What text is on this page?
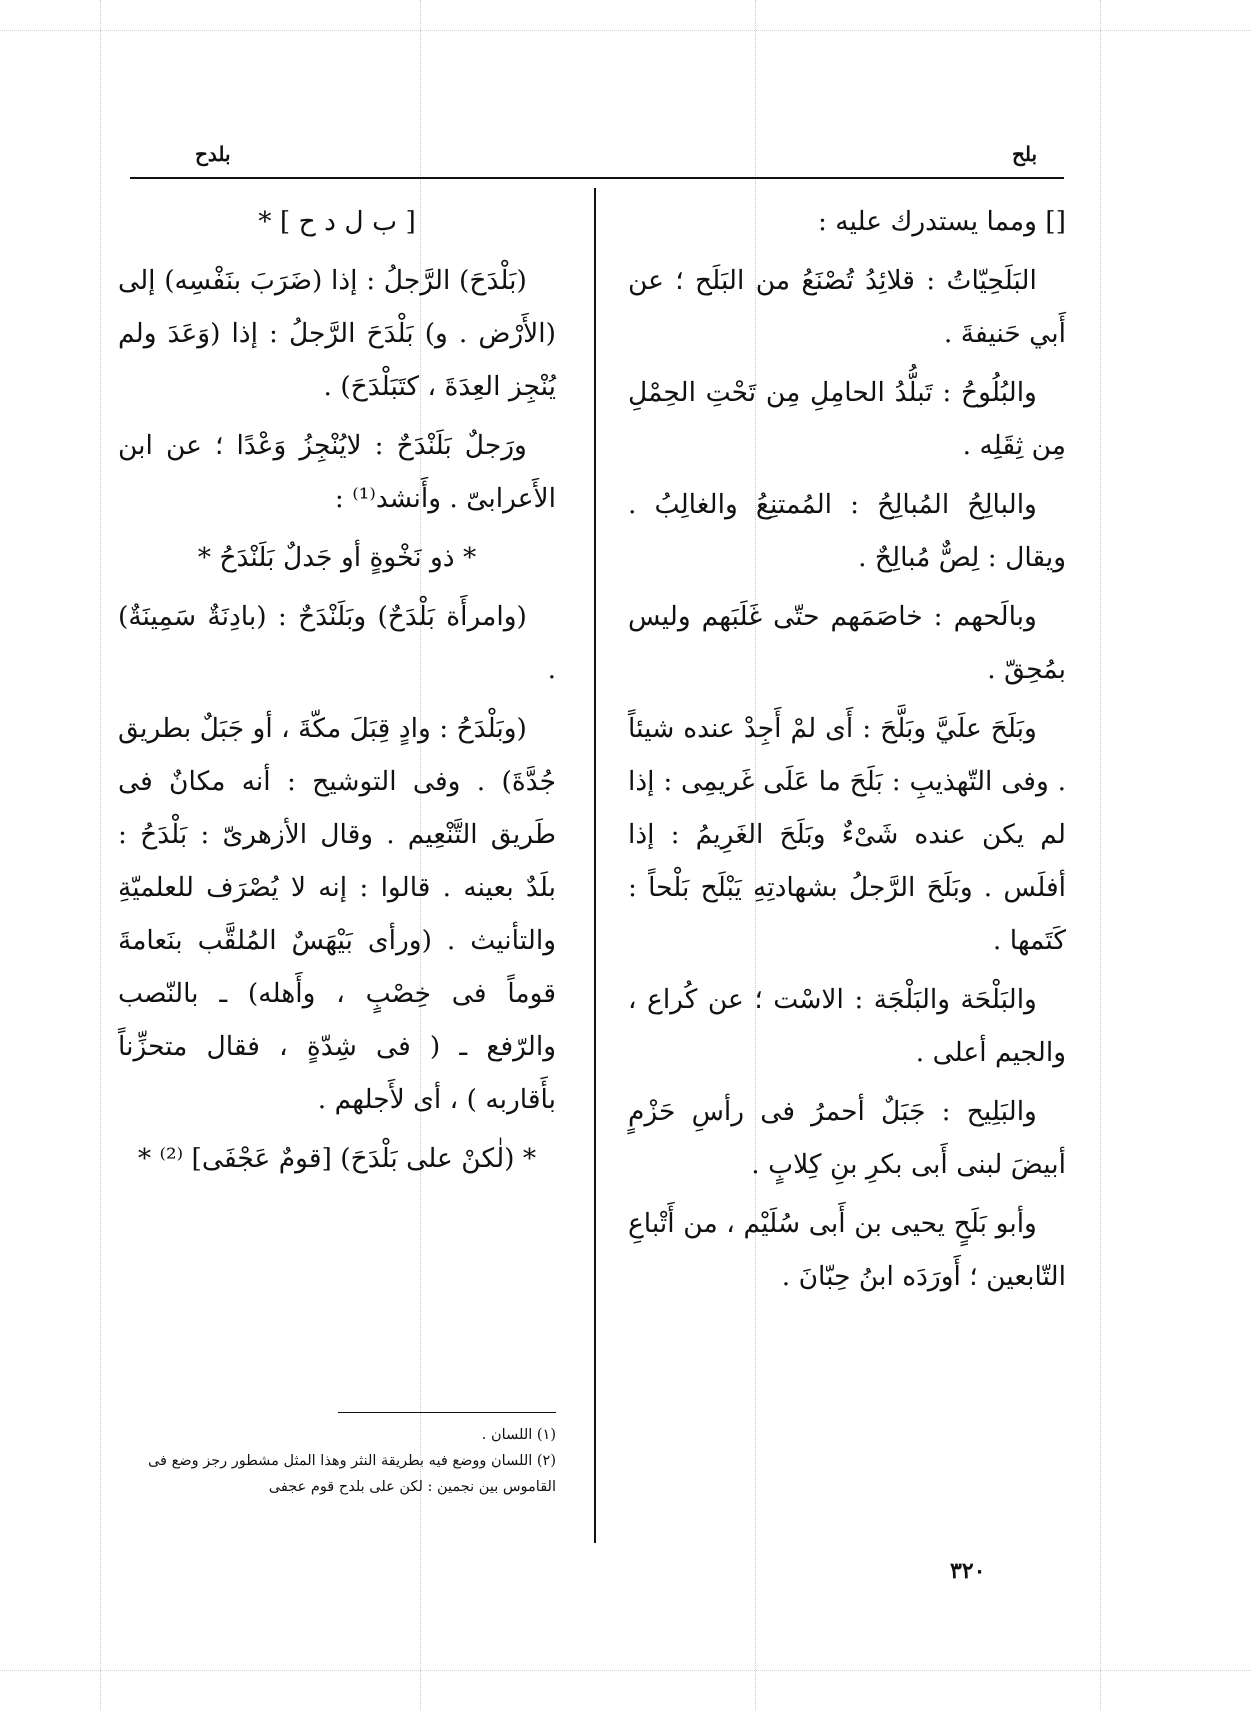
بلح
بلدح

[] ومما يستدرك عليه :

البَلَحِيّاتُ : قلائِدُ تُصْنَعُ من البَلَح ؛ عن أَبي حَنيفةَ .

والبُلُوحُ : تَبلُّدُ الحامِلِ مِن تَحْتِ الحِمْلِ مِن ثِقَلِه .

والبالِحُ المُبالِحُ : المُمتنِعُ والغالِبُ . ويقال : لِصٌّ مُبالِحٌ .

وبالَحهم : خاصَمَهم حتّى غَلَبَهم وليس بمُحِقّ .

وبَلَحَ علَيَّ وبَلَّحَ : أَى لمْ أَجِدْ عنده شيئاً . وفى التّهذيبِ : بَلَحَ ما عَلَى غَريمِى : إذا لم يكن عنده شَىْءٌ وبَلَحَ الغَرِيمُ : إذا أفلَس . وبَلَحَ الرَّجلُ بشهادتِهِ يَبْلَح بَلْحاً : كَتَمها .

والبَلْحَة والبَلْجَة : الاسْت ؛ عن كُراع ، والجيم أعلى .

والبَلِيح : جَبَلٌ أحمرُ فى رأسِ حَزْمٍ أبيضَ لبنى أَبى بكرِ بنِ كِلابٍ .

وأبو بَلَحٍ يحيى بن أَبى سُلَيْم ، من أَتْباعِ التّابعين ؛ أَورَدَه ابنُ حِبّانَ .

[ ب ل د ح ] *

(بَلْدَحَ) الرَّجلُ : إذا (ضَرَبَ بنَفْسِه) إلى (الأَرْض . و) بَلْدَحَ الرَّجلُ : إذا (وَعَدَ ولم يُنْجِز العِدَةَ ، كتَبَلْدَحَ) .

ورَجلٌ بَلَنْدَحٌ : لايُنْجِزُ وَعْدًا ؛ عن ابن الأَعرابىّ . وأَنشد⁽¹⁾ :

* ذو نَخْوةٍ أو جَدلٌ بَلَنْدَحُ *

(وامرأَة بَلْدَحٌ) وبَلَنْدَحٌ : (بادِنَةٌ سَمِينَةٌ) .

(وبَلْدَحُ : وادٍ قِبَلَ مكّةَ ، أو جَبَلٌ بطريق جُدَّةَ) . وفى التوشيح : أنه مكانٌ فى طَريق التَّنْعِيم . وقال الأزهرىّ : بَلْدَحُ : بلَدٌ بعينه . قالوا : إنه لا يُصْرَف للعلميّةِ والتأنيث . (ورأى بَيْهَسٌ المُلقَّب بنَعامةَ قوماً فى خِصْبٍ ، وأَهله) ـ بالنّصب والرّفع ـ ( فى شِدّةٍ ، فقال متحزِّناً بأَقاربه ) ، أى لأَجلهم .

* (لٰكنْ على بَلْدَحَ) [قومٌ عَجْفَى] ⁽²⁾ *

(١) اللسان .

(٢) اللسان ووضع فيه بطريقة النثر وهذا المثل مشطور رجز وضع فى القاموس بين نجمين : لكن على بلدح قوم عجفى

٣٢٠
